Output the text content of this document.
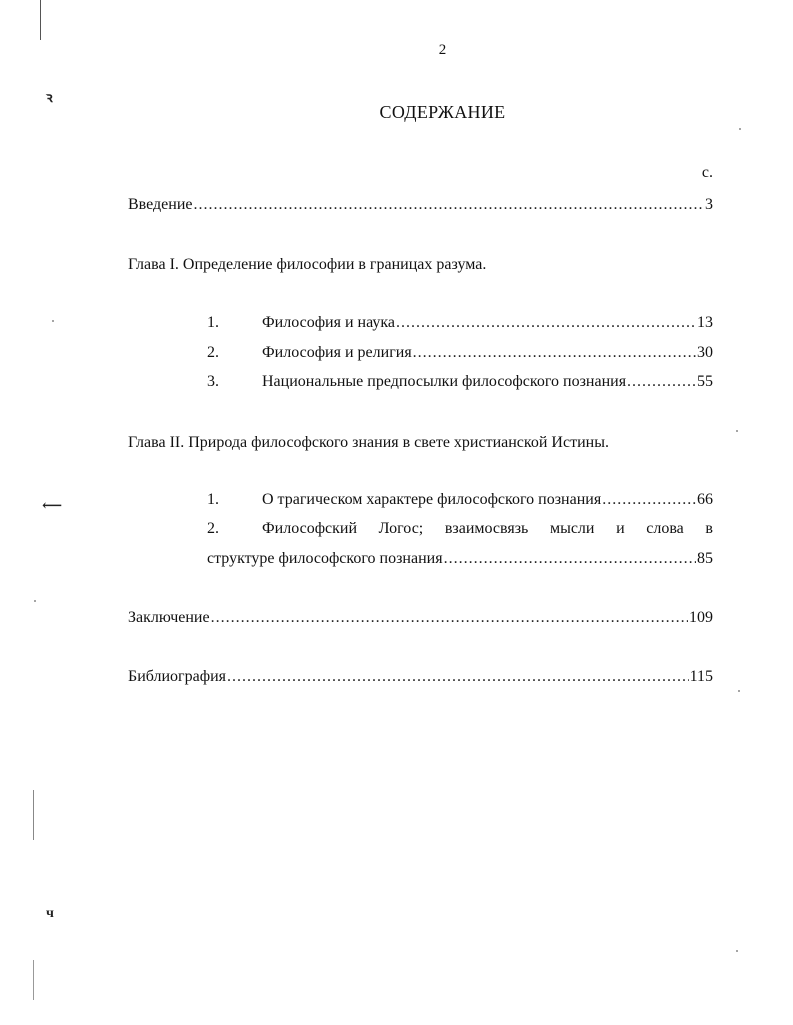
ꝛ
⟵
ч
2
СОДЕРЖАНИЕ
с.
Введение .....	3
Глава I. Определение философии в границах разума.
1.	Философия и наука .....	13
2.	Философия и религия .....	30
3.	Национальные предпосылки философского познания .....	55
Глава II. Природа философского знания в свете христианской Истины.
1.	О трагическом характере философского познания .....	66
2.	Философский Логос; взаимосвязь мысли и слова в
структуре философского познания .....	85
Заключение .....	109
Библиография .....	115
